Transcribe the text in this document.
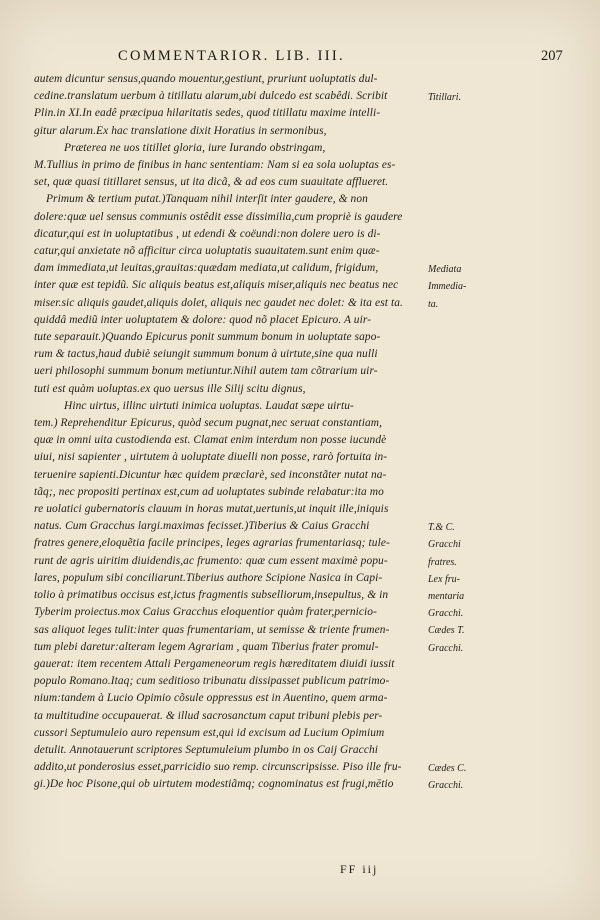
COMMENTARIOR. LIB. III.	207
autem dicuntur sensus,quando mouentur,gestiunt, pruriunt uoluptatis dul-
cedine.translatum uerbum à titillatu alarum,ubi dulcedo est scabêdi. Scribit
Plin.in XI.In eadê præcipua hilaritatis sedes, quod titillatu maxime intelli-
gitur alarum.Ex hac translatione dixit Horatius in sermonibus,
Præterea ne uos titillet gloria, iure Iurando obstringam,
M.Tullius in primo de finibus in hanc sententiam: Nam si ea sola uoluptas es-
set, quæ quasi titillaret sensus, ut ita dicã, & ad eos cum suauitate afflueret.
Primum & tertium putat.)Tanquam nihil interſit inter gaudere, & non
dolere:quæ uel sensus communis ostêdit esse dissimilia,cum propriè is gaudere
dicatur,qui est in uoluptatibus , ut edendi & coëundi:non dolere uero is di-
catur,qui anxietate nõ afficitur circa uoluptatis suauitatem.sunt enim quæ-
dam immediata,ut leuitas,grauitas:quædam mediata,ut calidum, frigidum,
inter quæ est tepidũ. Sic aliquis beatus est,aliquis miser,aliquis nec beatus nec
miser.sic aliquis gaudet,aliquis dolet, aliquis nec gaudet nec dolet: & ita est ta.
quiddâ mediũ inter uoluptatem & dolore: quod nõ placet Epicuro. A uir-
tute separauit.)Quando Epicurus ponit summum bonum in uoluptate sapo-
rum & tactus,haud dubiè seiungit summum bonum à uirtute,sine qua nulli
ueri philosophi summum bonum metiuntur.Nihil autem tam cõtrarium uir-
tuti est quàm uoluptas.ex quo uersus ille Silij scitu dignus,
Hinc uirtus, illinc uirtuti inimica uoluptas. Laudat sæpe uirtu-
tem.) Reprehenditur Epicurus, quòd secum pugnat,nec seruat constantiam,
quæ in omni uita custodienda est. Clamat enim interdum non posse iucundè
uiui, nisi sapienter , uirtutem à uoluptate diuelli non posse, rarò fortuita in-
teruenire sapienti.Dicuntur hæc quidem præclarè, sed inconstãter nutat na-
tãq;, nec propositi pertinax est,cum ad uoluptates subinde relabatur:ita mo
re uolatici gubernatoris clauum in horas mutat,uertunis,ut inquit ille,iniquis
natus. Cum Gracchus largi.maximas fecisset.)Tiberius & Caius Gracchi
fratres genere,eloquẽtia facile principes, leges agrarias frumentariasq; tule-
runt de agris uiritim diuidendis,ac frumento: quæ cum essent maximè popu-
lares, populum sibi conciliarunt.Tiberius authore Scipione Nasica in Capi-
tolio à primatibus occisus est,ictus fragmentis subselliorum,insepultus, & in
Tyberim proiectus.mox Caius Gracchus eloquentior quàm frater,pernicio-
sas aliquot leges tulit:inter quas frumentariam, ut semisse & triente frumen-
tum plebi daretur:alteram legem Agrariam , quam Tiberius frater promul-
gauerat: item recentem Attali Pergameneorum regis hæreditatem diuidi iussit
populo Romano.Itaq; cum seditioso tribunatu dissipasset publicum patrimo-
nium:tandem à Lucio Opimio cõsule oppressus est in Auentino, quem arma-
ta multitudine occupauerat. & illud sacrosanctum caput tribuni plebis per-
cussori Septumuleio auro repensum est,qui id excisum ad Lucium Opimium
detulit. Annotauerunt scriptores Septumuleium plumbo in os Caij Gracchi
addito,ut ponderosius esset,parricidio suo remp. circunscripsisse. Piso ille fru-
gi.)De hoc Pisone,qui ob uirtutem modestiãmq; cognominatus est frugi,mētio
Titillari.
Mediata
Immedia-
ta.
T.& C.
Gracchi
fratres.
Lex fru-
mentaria
Gracchi.
Cædes T.
Gracchi.
Cædes C.
Gracchi.
FF iij
